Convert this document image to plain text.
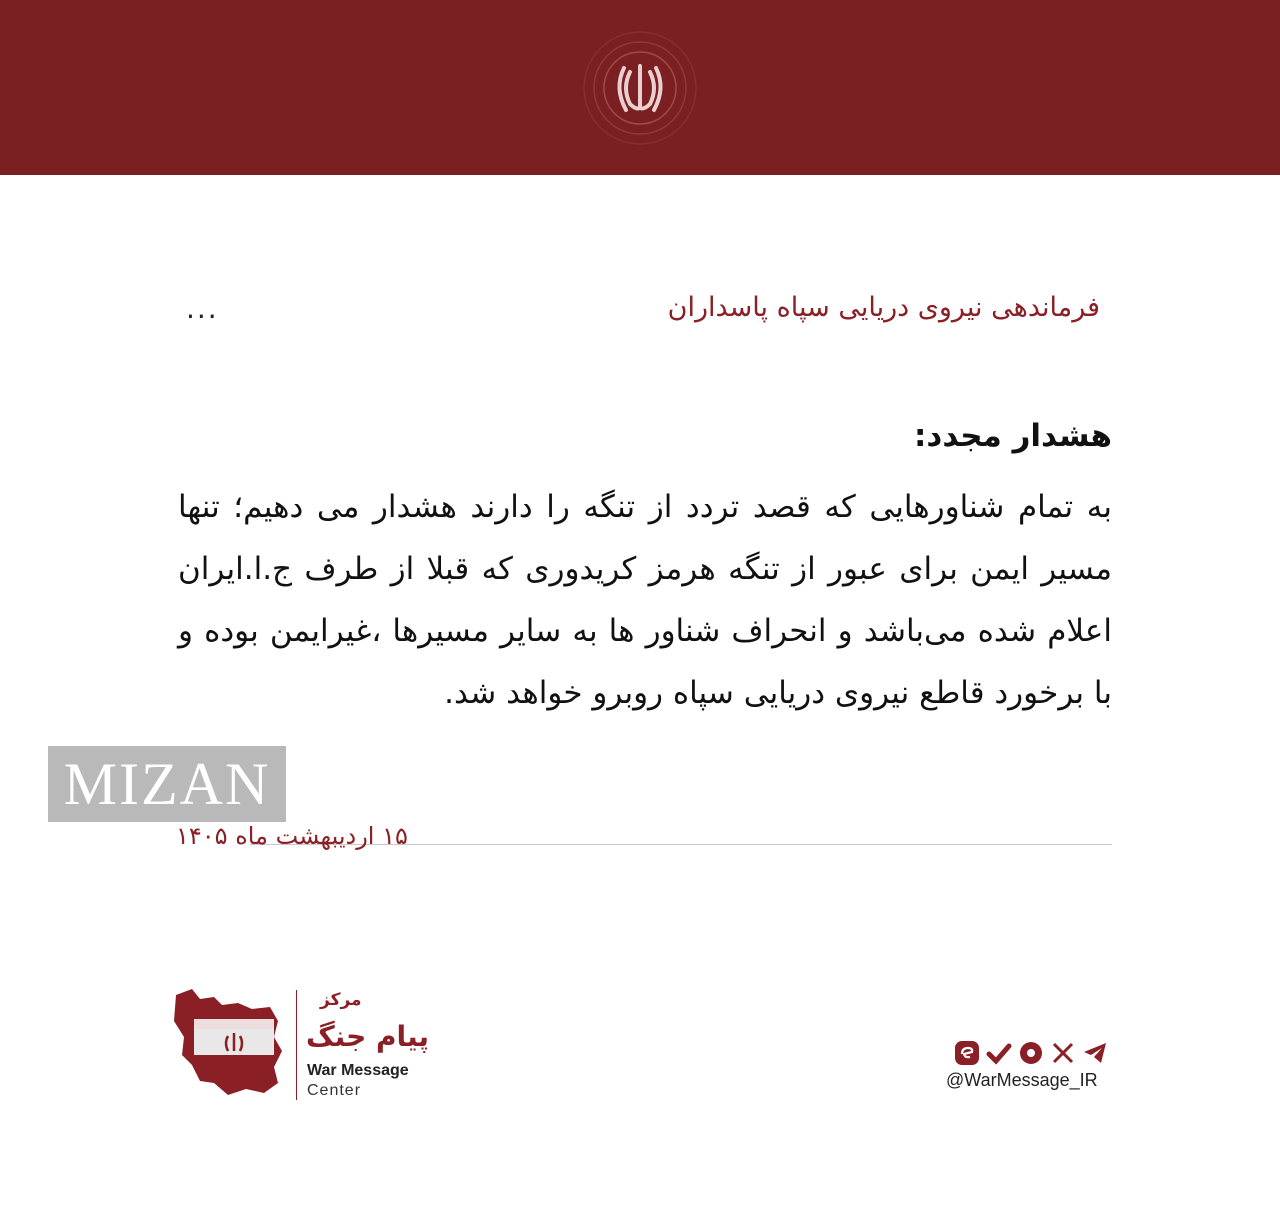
فرماندهی نیروی دریایی سپاه پاسداران
...
هشدار مجدد:
به تمام شناورهایی که قصد تردد از تنگه را دارند هشدار می دهیم؛ تنها مسیر ایمن برای عبور از تنگه هرمز کریدوری که قبلا از طرف ج.ا.ایران اعلام شده می‌باشد و انحراف شناور ها به سایر مسیرها ،غیرایمن بوده و با برخورد قاطع نیروی دریایی سپاه روبرو خواهد شد.
MIZAN
۱۵ اردیبهشت ماه ۱۴۰۵
مرکز
پیام جنگ
War Message
Center
@WarMessage_IR
